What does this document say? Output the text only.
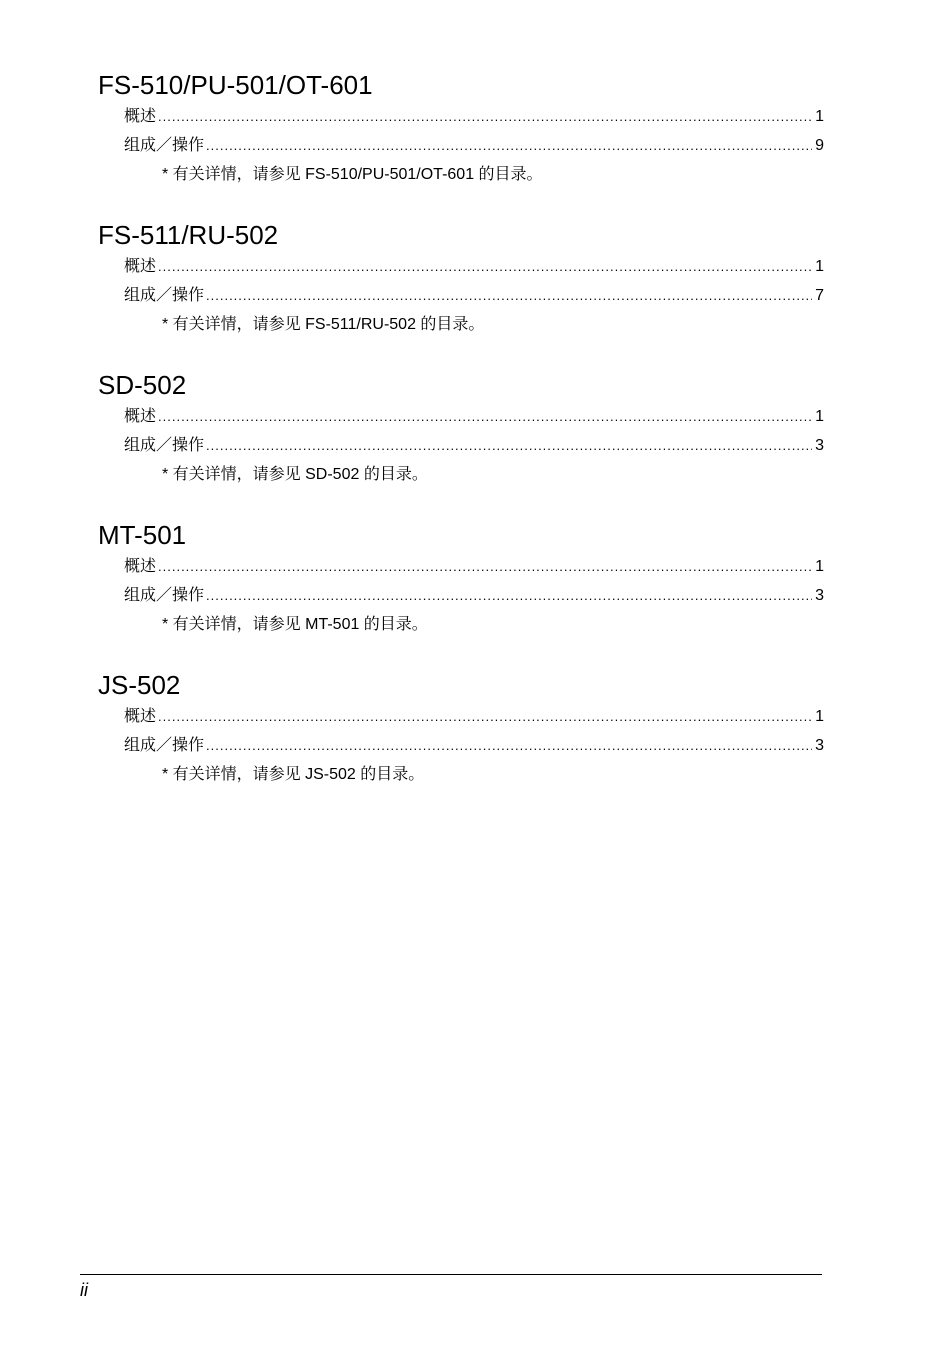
FS-510/PU-501/OT-601
概述 .....	1
组成／操作 .....	9
* 有关详情，请参见 FS-510/PU-501/OT-601 的目录。
FS-511/RU-502
概述 .....	1
组成／操作 .....	7
* 有关详情，请参见 FS-511/RU-502 的目录。
SD-502
概述 .....	1
组成／操作 .....	3
* 有关详情，请参见 SD-502 的目录。
MT-501
概述 .....	1
组成／操作 .....	3
* 有关详情，请参见 MT-501 的目录。
JS-502
概述 .....	1
组成／操作 .....	3
* 有关详情，请参见 JS-502 的目录。
ii
